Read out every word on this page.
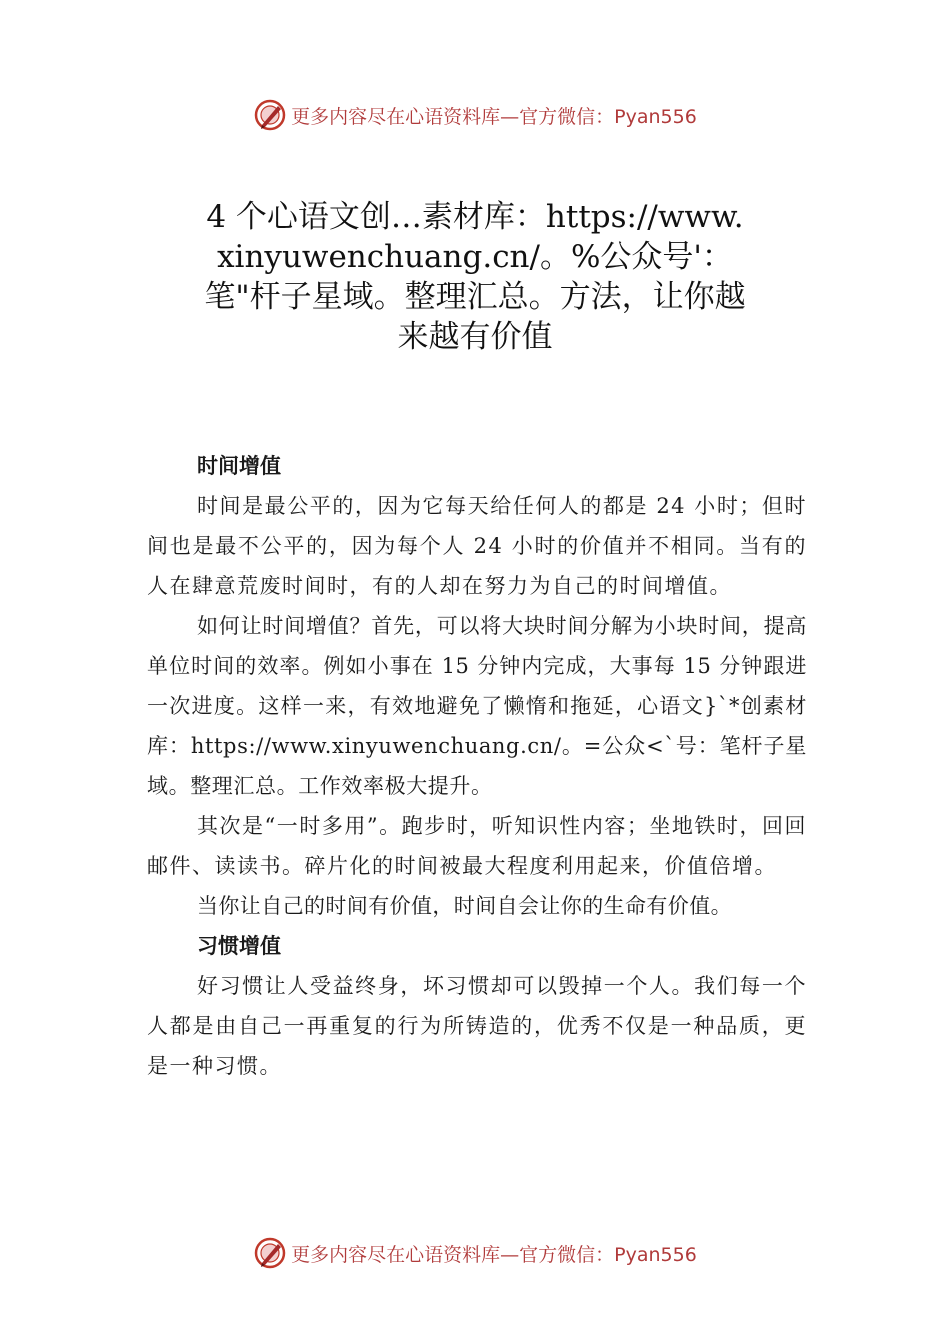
更多内容尽在心语资料库—官方微信：Pyan556
4 个心语文创…素材库：https://www.xinyuwenchuang.cn/。%公众号'：笔"杆子星域。整理汇总。方法，让你越来越有价值
时间增值

时间是最公平的，因为它每天给任何人的都是 24 小时；但时间也是最不公平的，因为每个人 24 小时的价值并不相同。当有的人在肆意荒废时间时，有的人却在努力为自己的时间增值。

如何让时间增值？首先，可以将大块时间分解为小块时间，提高单位时间的效率。例如小事在 15 分钟内完成，大事每 15 分钟跟进一次进度。这样一来，有效地避免了懒惰和拖延，心语文}`*创素材库：https://www.xinyuwenchuang.cn/。=公众<`号：笔杆子星域。整理汇总。工作效率极大提升。

其次是“一时多用”。跑步时，听知识性内容；坐地铁时，回回邮件、读读书。碎片化的时间被最大程度利用起来，价值倍增。

当你让自己的时间有价值，时间自会让你的生命有价值。

习惯增值

好习惯让人受益终身，坏习惯却可以毁掉一个人。我们每一个人都是由自己一再重复的行为所铸造的，优秀不仅是一种品质，更是一种习惯。

更多内容尽在心语资料库—官方微信：Pyan556
